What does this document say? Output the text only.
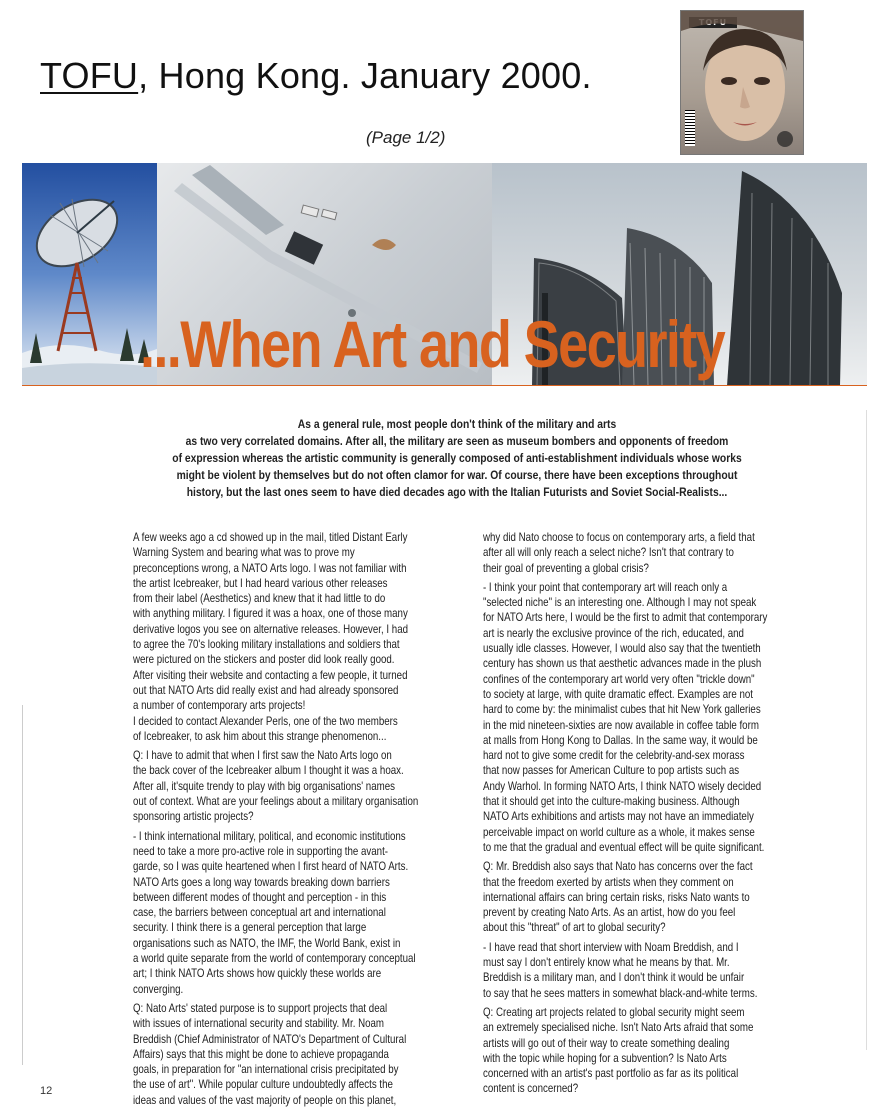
TOFU, Hong Kong. January 2000.
(Page 1/2)
...When Art and Security
As a general rule, most people don't think of the military and arts
as two very correlated domains. After all, the military are seen as museum bombers and opponents of freedom
of expression whereas the artistic community is generally composed of anti-establishment individuals whose works
might be violent by themselves but do not often clamor for war. Of course, there have been exceptions throughout
history, but the last ones seem to have died decades ago with the Italian Futurists and Soviet Social-Realists...
A few weeks ago a cd showed up in the mail, titled Distant Early
Warning System and bearing what was to prove my
preconceptions wrong, a NATO Arts logo. I was not familiar with
the artist Icebreaker, but I had heard various other releases
from their label (Aesthetics) and knew that it had little to do
with anything military. I figured it was a hoax, one of those many
derivative logos you see on alternative releases. However, I had
to agree the 70's looking military installations and soldiers that
were pictured on the stickers and poster did look really good.
After visiting their website and contacting a few people, it turned
out that NATO Arts did really exist and had already sponsored
a number of contemporary arts projects!
I decided to contact Alexander Perls, one of the two members
of Icebreaker, to ask him about this strange phenomenon...
Q: I have to admit that when I first saw the Nato Arts logo on
the back cover of the Icebreaker album I thought it was a hoax.
After all, it'squite trendy to play with big organisations' names
out of context. What are your feelings about a military organisation
sponsoring artistic projects?
- I think international military, political, and economic institutions
need to take a more pro-active role in supporting the avant-
garde, so I was quite heartened when I first heard of NATO Arts.
NATO Arts goes a long way towards breaking down barriers
between different modes of thought and perception - in this
case, the barriers between conceptual art and international
security. I think there is a general perception that large
organisations such as NATO, the IMF, the World Bank, exist in
a world quite separate from the world of contemporary conceptual
art; I think NATO Arts shows how quickly these worlds are
converging.
Q: Nato Arts' stated purpose is to support projects that deal
with issues of international security and stability. Mr. Noam
Breddish (Chief Administrator of NATO's Department of Cultural
Affairs) says that this might be done to achieve propaganda
goals, in preparation for "an international crisis precipitated by
the use of art". While popular culture undoubtedly affects the
ideas and values of the vast majority of people on this planet,
why did Nato choose to focus on contemporary arts, a field that
after all will only reach a select niche? Isn't that contrary to
their goal of preventing a global crisis?
- I think your point that contemporary art will reach only a
"selected niche" is an interesting one. Although I may not speak
for NATO Arts here, I would be the first to admit that contemporary
art is nearly the exclusive province of the rich, educated, and
usually idle classes. However, I would also say that the twentieth
century has shown us that aesthetic advances made in the plush
confines of the contemporary art world very often "trickle down"
to society at large, with quite dramatic effect. Examples are not
hard to come by: the minimalist cubes that hit New York galleries
in the mid nineteen-sixties are now available in coffee table form
at malls from Hong Kong to Dallas. In the same way, it would be
hard not to give some credit for the celebrity-and-sex morass
that now passes for American Culture to pop artists such as
Andy Warhol. In forming NATO Arts, I think NATO wisely decided
that it should get into the culture-making business. Although
NATO Arts exhibitions and artists may not have an immediately
perceivable impact on world culture as a whole, it makes sense
to me that the gradual and eventual effect will be quite significant.
Q: Mr. Breddish also says that Nato has concerns over the fact
that the freedom exerted by artists when they comment on
international affairs can bring certain risks, risks Nato wants to
prevent by creating Nato Arts. As an artist, how do you feel
about this "threat" of art to global security?
- I have read that short interview with Noam Breddish, and I
must say I don't entirely know what he means by that. Mr.
Breddish is a military man, and I don't think it would be unfair
to say that he sees matters in somewhat black-and-white terms.
Q: Creating art projects related to global security might seem
an extremely specialised niche. Isn't Nato Arts afraid that some
artists will go out of their way to create something dealing
with the topic while hoping for a subvention? Is Nato Arts
concerned with an artist's past portfolio as far as its political
content is concerned?
12
